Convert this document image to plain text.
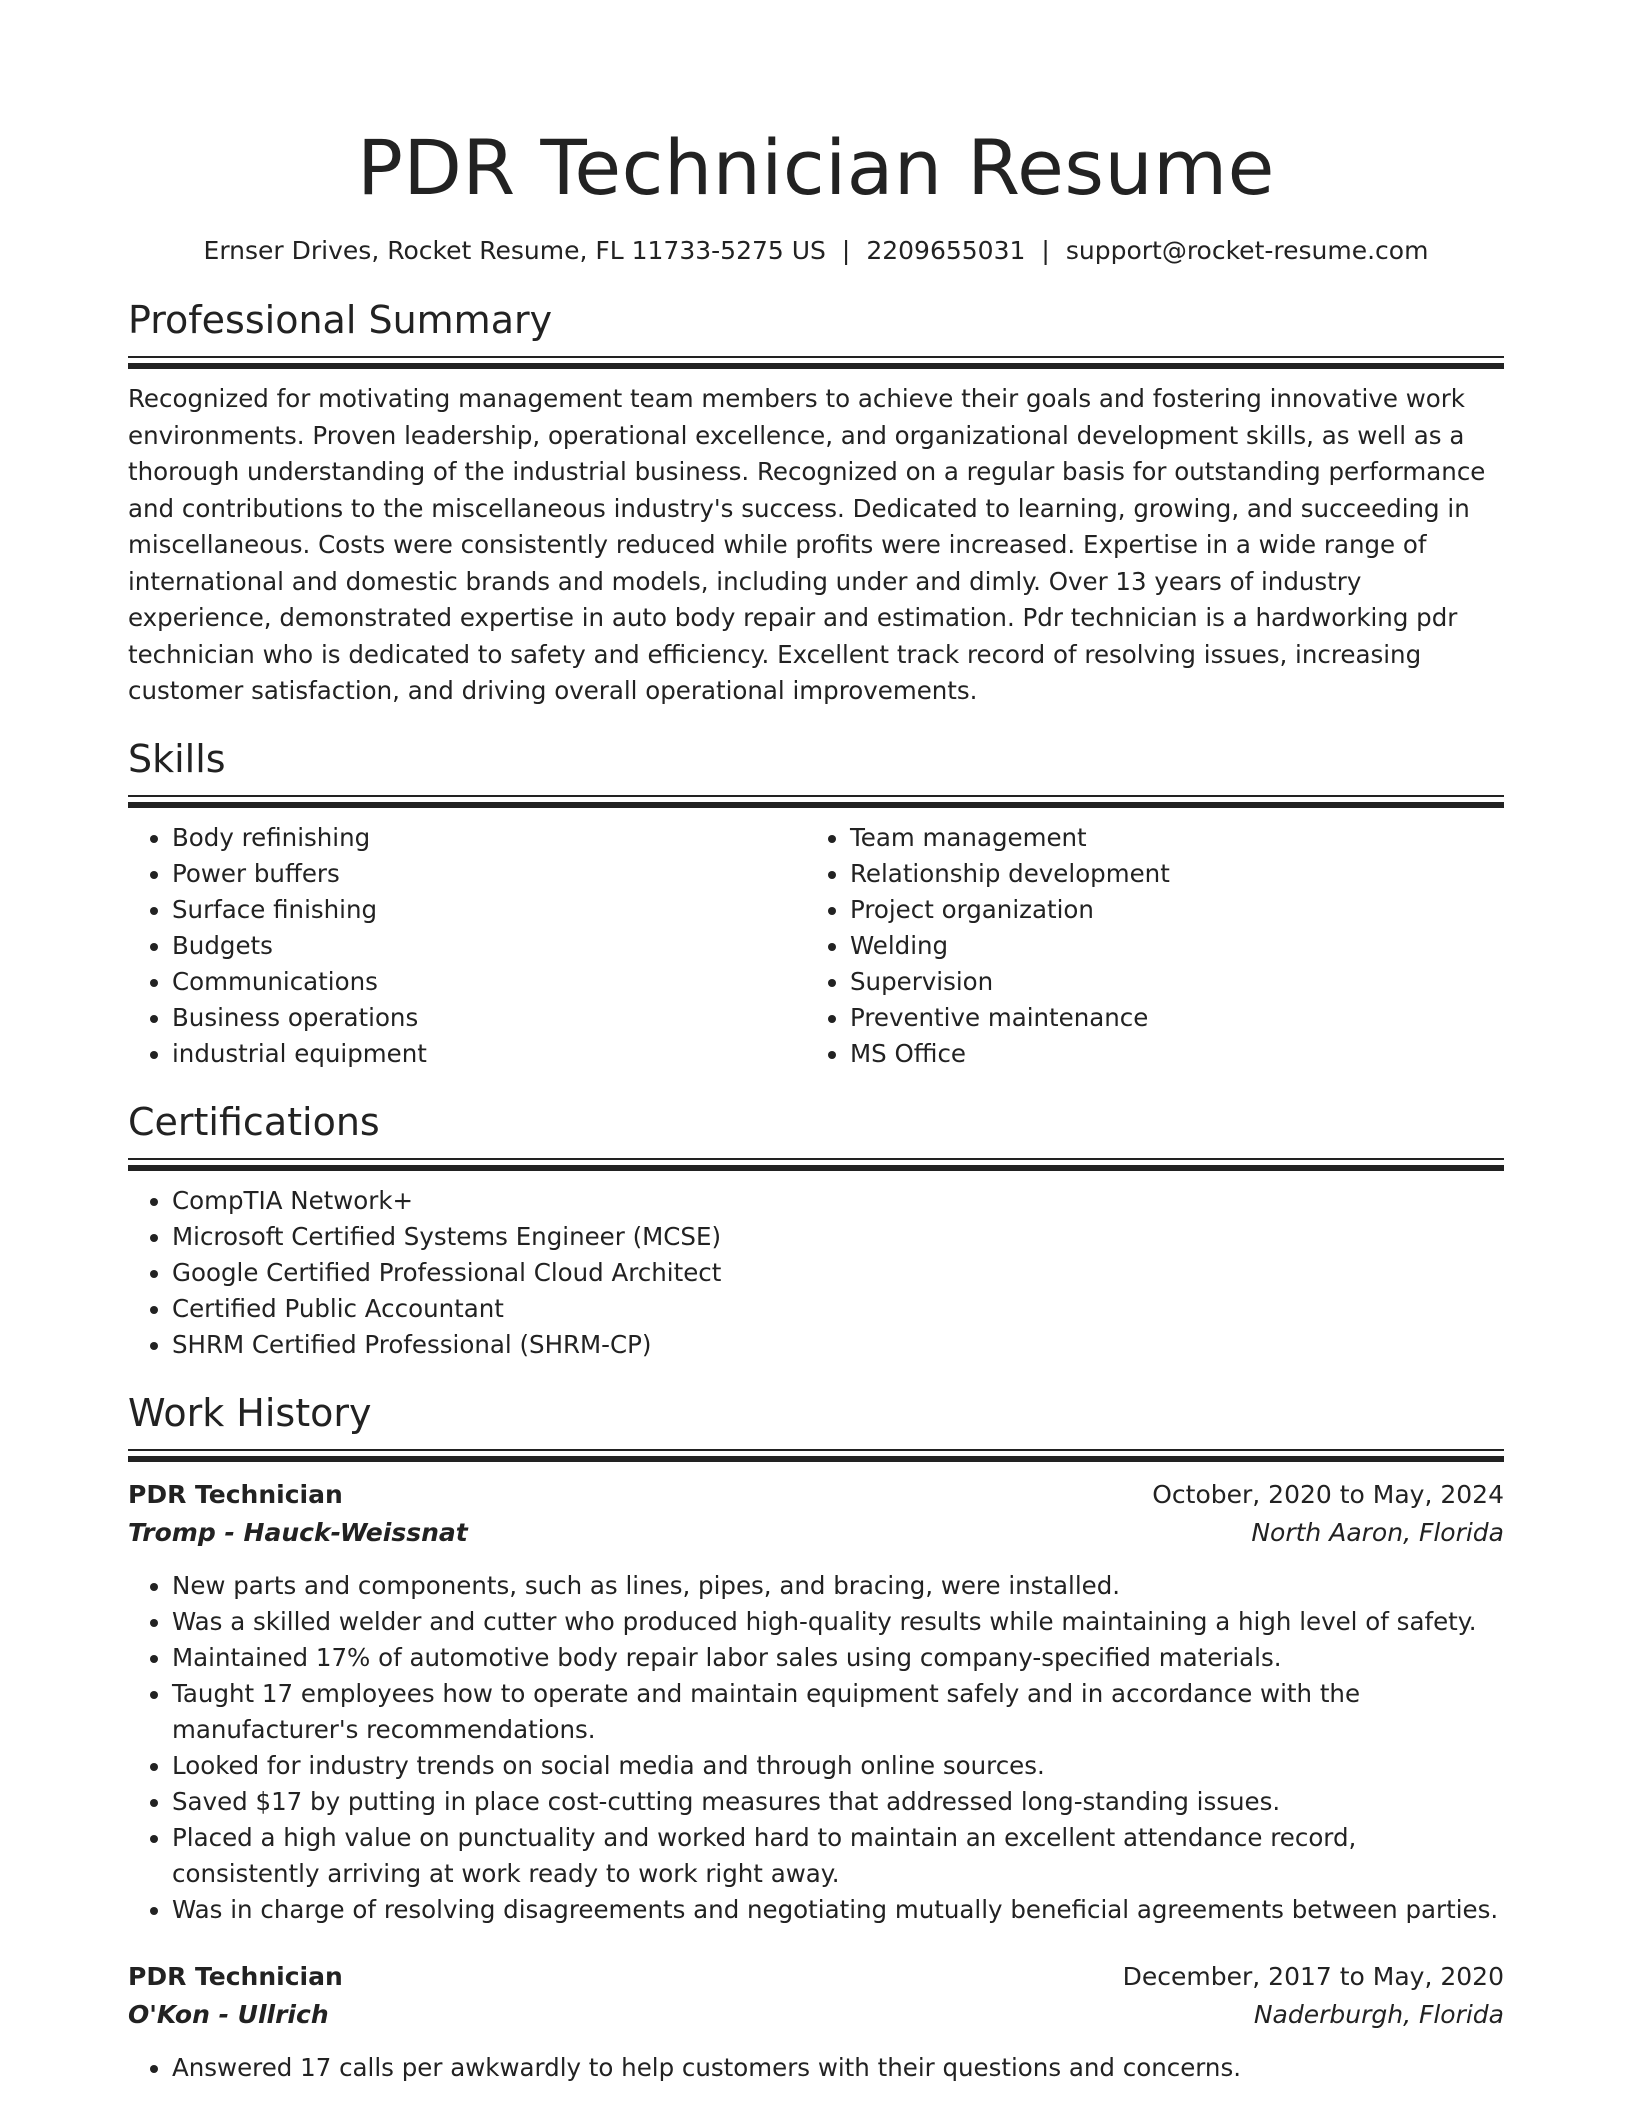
PDR Technician Resume
Ernser Drives, Rocket Resume, FL 11733-5275 US | 2209655031 | support@rocket-resume.com
Professional Summary

Recognized for motivating management team members to achieve their goals and fostering innovative work environments. Proven leadership, operational excellence, and organizational development skills, as well as a thorough understanding of the industrial business. Recognized on a regular basis for outstanding performance and contributions to the miscellaneous industry's success. Dedicated to learning, growing, and succeeding in miscellaneous. Costs were consistently reduced while profits were increased. Expertise in a wide range of international and domestic brands and models, including under and dimly. Over 13 years of industry experience, demonstrated expertise in auto body repair and estimation. Pdr technician is a hardworking pdr technician who is dedicated to safety and efficiency. Excellent track record of resolving issues, increasing customer satisfaction, and driving overall operational improvements.

Skills
• Body refinishing
• Power buffers
• Surface finishing
• Budgets
• Communications
• Business operations
• industrial equipment
• Team management
• Relationship development
• Project organization
• Welding
• Supervision
• Preventive maintenance
• MS Office
Certifications
• CompTIA Network+
• Microsoft Certified Systems Engineer (MCSE)
• Google Certified Professional Cloud Architect
• Certified Public Accountant
• SHRM Certified Professional (SHRM-CP)
Work History
PDR Technician	October, 2020 to May, 2024
Tromp - Hauck-Weissnat	North Aaron, Florida
• New parts and components, such as lines, pipes, and bracing, were installed.
• Was a skilled welder and cutter who produced high-quality results while maintaining a high level of safety.
• Maintained 17% of automotive body repair labor sales using company-specified materials.
• Taught 17 employees how to operate and maintain equipment safely and in accordance with the manufacturer's recommendations.
• Looked for industry trends on social media and through online sources.
• Saved $17 by putting in place cost-cutting measures that addressed long-standing issues.
• Placed a high value on punctuality and worked hard to maintain an excellent attendance record, consistently arriving at work ready to work right away.
• Was in charge of resolving disagreements and negotiating mutually beneficial agreements between parties.
PDR Technician	December, 2017 to May, 2020
O'Kon - Ullrich	Naderburgh, Florida
• Answered 17 calls per awkwardly to help customers with their questions and concerns.
